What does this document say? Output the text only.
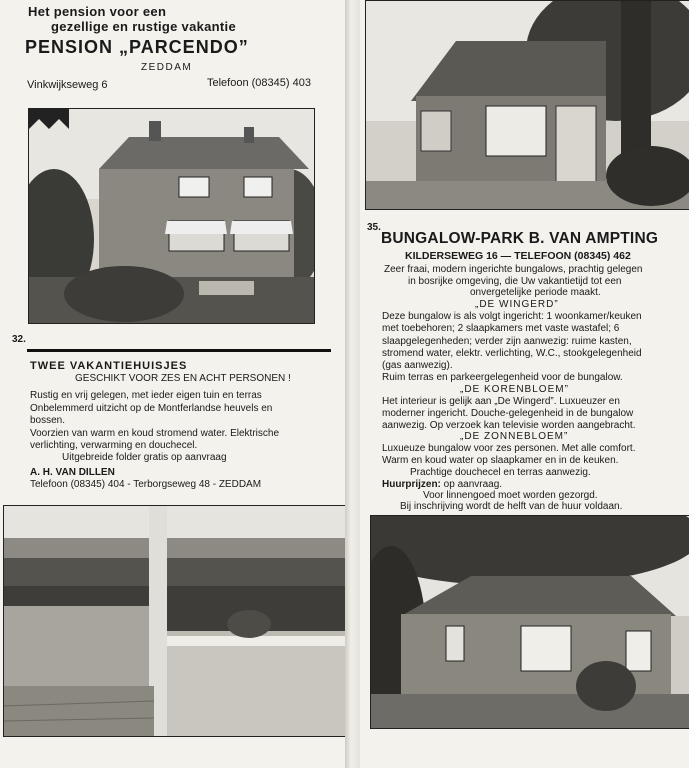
Het pension voor een
gezellige en rustige vakantie
PENSION „PARCENDO”
ZEDDAM
Vinkwijkseweg 6	Telefoon (08345) 403
32.
TWEE VAKANTIEHUISJES
GESCHIKT VOOR ZES EN ACHT PERSONEN !
Rustig en vrij gelegen, met ieder eigen tuin en terras
Onbelemmerd uitzicht op de Montferlandse heuvels en
bossen.
Voorzien van warm en koud stromend water. Elektrische
verlichting, verwarming en douchecel.
Uitgebreide folder gratis op aanvraag
A. H. VAN DILLEN
Telefoon (08345) 404 - Terborgseweg 48 - ZEDDAM
35.
BUNGALOW-PARK B. VAN AMPTING
KILDERSEWEG 16 — TELEFOON (08345) 462
Zeer fraai, modern ingerichte bungalows, prachtig gelegen
in bosrijke omgeving, die Uw vakantietijd tot een
onvergetelijke periode maakt.
„DE WINGERD”
Deze bungalow is als volgt ingericht: 1 woonkamer/keuken
met toebehoren; 2 slaapkamers met vaste wastafel; 6
slaapgelegenheden; verder zijn aanwezig: ruime kasten,
stromend water, elektr. verlichting, W.C., stookgelegenheid
(gas aanwezig).
Ruim terras en parkeergelegenheid voor de bungalow.
„DE KORENBLOEM”
Het interieur is gelijk aan „De Wingerd”. Luxueuzer en
moderner ingericht. Douche-gelegenheid in de bungalow
aanwezig. Op verzoek kan televisie worden aangebracht.
„DE ZONNEBLOEM”
Luxueuze bungalow voor zes personen. Met alle comfort.
Warm en koud water op slaapkamer en in de keuken.
Prachtige douchecel en terras aanwezig.
Huurprijzen: op aanvraag.
Voor linnengoed moet worden gezorgd.
Bij inschrijving wordt de helft van de huur voldaan.
